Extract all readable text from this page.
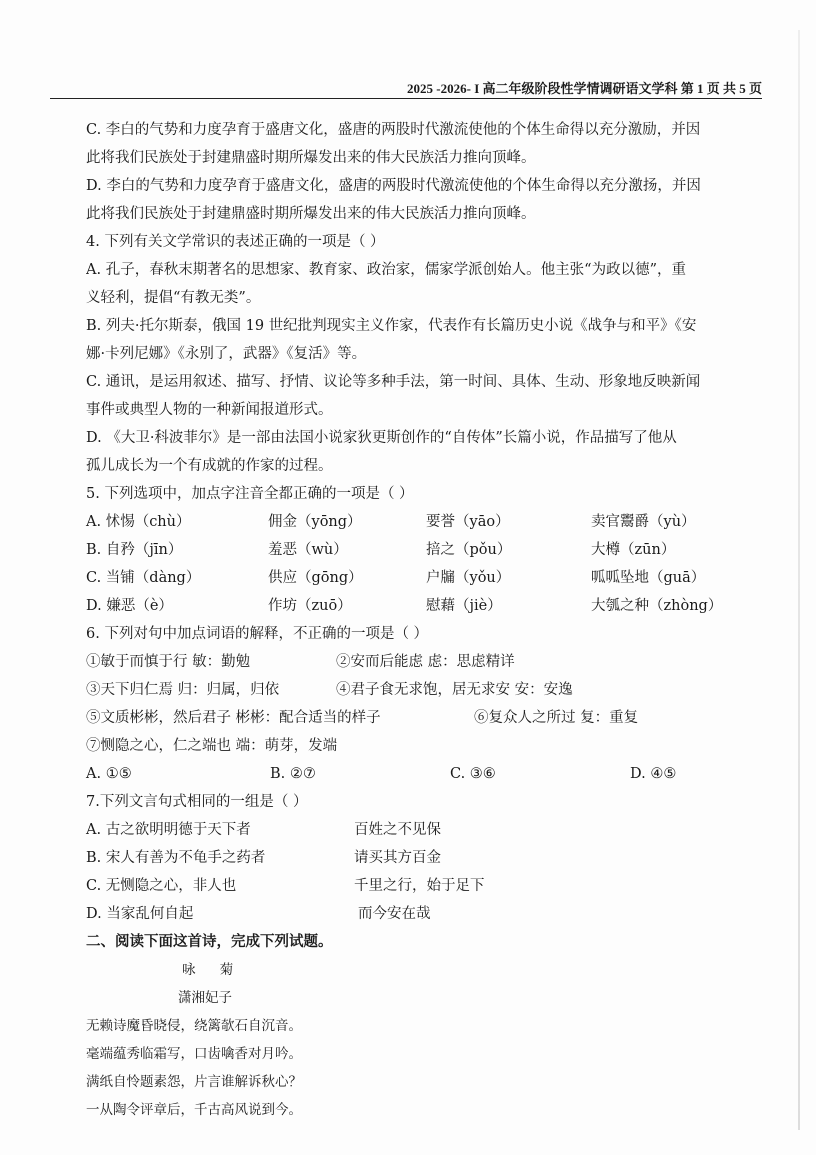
2025 -2026- I 高二年级阶段性学情调研语文学科 第 1 页 共 5 页

C. 李白的气势和力度孕育于盛唐文化，盛唐的两股时代激流使他的个体生命得以充分激励，并因

此将我们民族处于封建鼎盛时期所爆发出来的伟大民族活力推向顶峰。

D. 李白的气势和力度孕育于盛唐文化，盛唐的两股时代激流使他的个体生命得以充分激扬，并因

此将我们民族处于封建鼎盛时期所爆发出来的伟大民族活力推向顶峰。

4. 下列有关文学常识的表述正确的一项是（ ）

A. 孔子，春秋末期著名的思想家、教育家、政治家，儒家学派创始人。他主张“为政以德”，重

义轻利，提倡“有教无类”。

B. 列夫·托尔斯泰，俄国 19 世纪批判现实主义作家，代表作有长篇历史小说《战争与和平》《安

娜·卡列尼娜》《永别了，武器》《复活》等。

C. 通讯，是运用叙述、描写、抒情、议论等多种手法，第一时间、具体、生动、形象地反映新闻

事件或典型人物的一种新闻报道形式。

D. 《大卫·科波菲尔》是一部由法国小说家狄更斯创作的“自传体”长篇小说，作品描写了他从

孤儿成长为一个有成就的作家的过程。

5. 下列选项中，加点字注音全都正确的一项是（ ）

A. 怵惕（chù）	佣金（yōng）	要誉（yāo）	卖官鬻爵（yù）
B. 自矜（jīn）	羞恶（wù）	掊之（pǒu）	大樽（zūn）
C. 当铺（dàng）	供应（gōng）	户牖（yǒu）	呱呱坠地（guā）
D. 嫌恶（è）	作坊（zuō）	慰藉（jiè）	大瓠之种（zhòng）

6. 下列对句中加点词语的解释，不正确的一项是（ ）

①敏于而慎于行 敏：勤勉	②安而后能虑 虑：思虑精详
③天下归仁焉 归：归属，归依	④君子食无求饱，居无求安 安：安逸
⑤文质彬彬，然后君子 彬彬：配合适当的样子	⑥复众人之所过 复：重复
⑦恻隐之心，仁之端也 端：萌芽，发端
A. ①⑤	B. ②⑦	C. ③⑥	D. ④⑤

7.下列文言句式相同的一组是（ ）

A. 古之欲明明德于天下者	百姓之不见保
B. 宋人有善为不龟手之药者	请买其方百金
C. 无恻隐之心，非人也	千里之行，始于足下
D. 当家乱何自起	而今安在哉

二、阅读下面这首诗，完成下列试题。

咏 菊

潇湘妃子

无赖诗魔昏晓侵，绕篱欹石自沉音。

毫端蕴秀临霜写，口齿噙香对月吟。

满纸自怜题素怨，片言谁解诉秋心？

一从陶令评章后，千古高风说到今。
